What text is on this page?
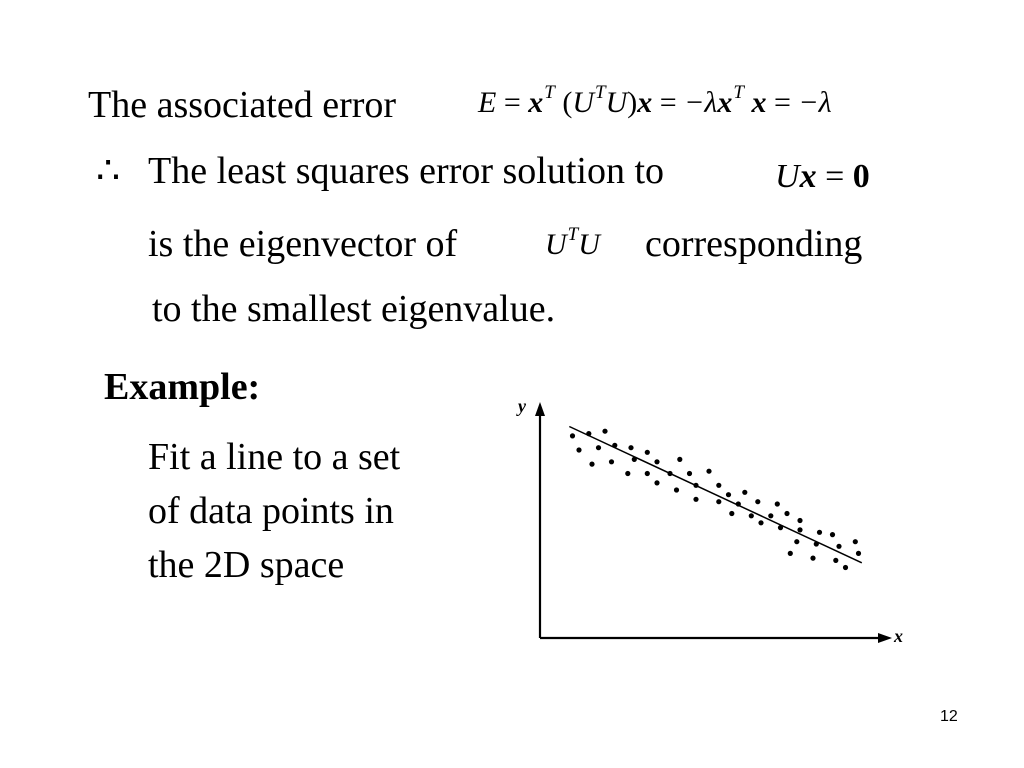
The associated error	$E = x^T$ $(U^TU)x = -\lambda x^T$ x = −λ
∴ The least squares error solution to	Ux = 0
is the eigenvector of	$U^TU$ corresponding
to the smallest eigenvalue.
Example:
Fit a line to a set
of data points in
the 2D space
y
x
12
